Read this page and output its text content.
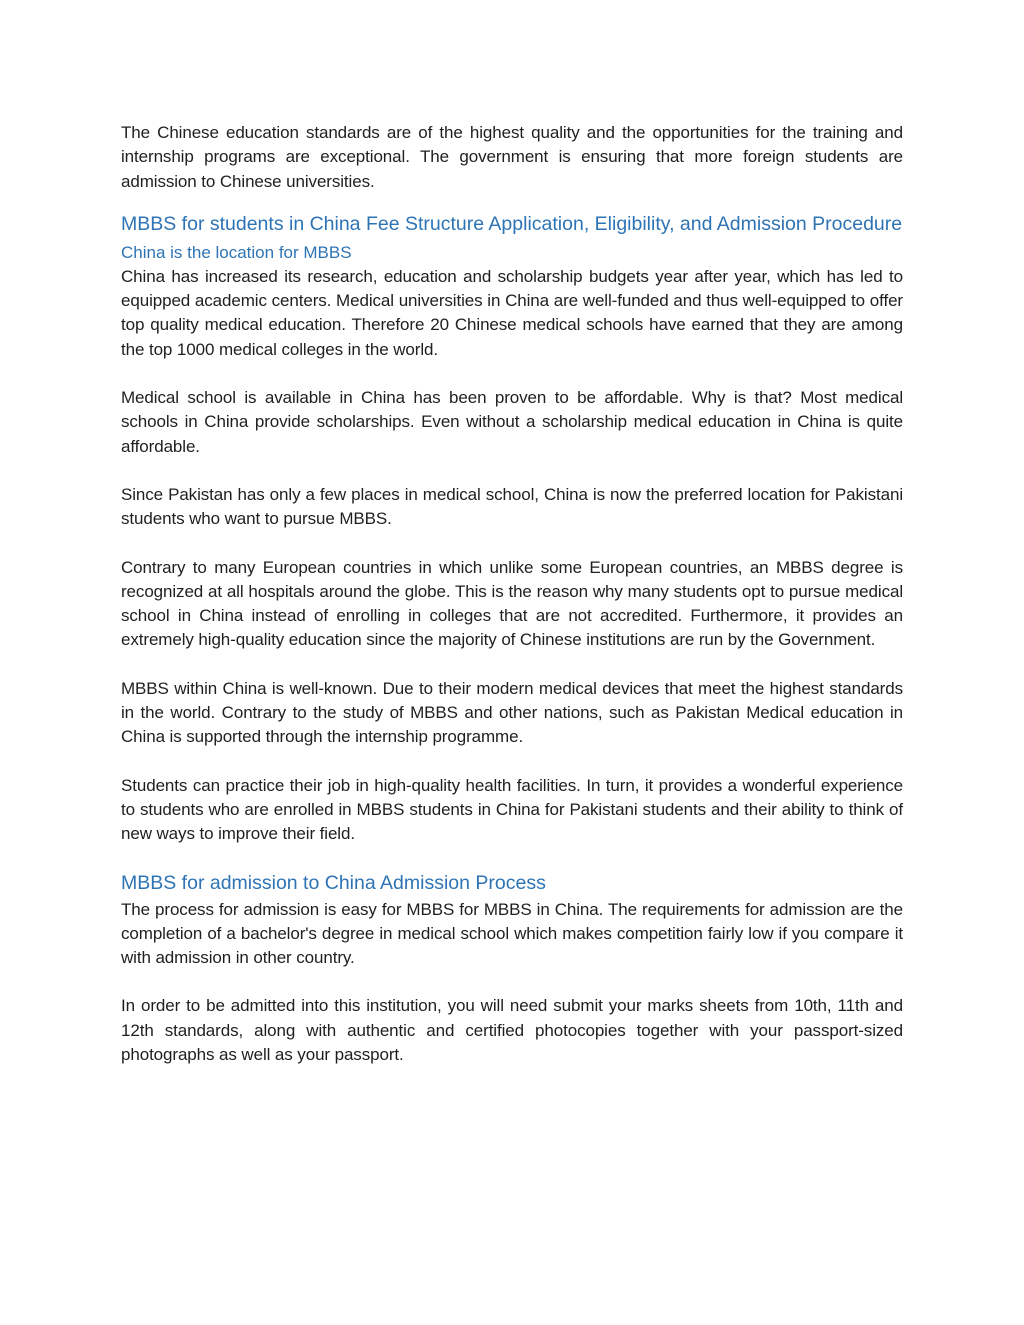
The Chinese education standards are of the highest quality and the opportunities for the training and internship programs are exceptional. The government is ensuring that more foreign students are admission to Chinese universities.

MBBS for students in China Fee Structure Application, Eligibility, and Admission Procedure
China is the location for MBBS

China has increased its research, education and scholarship budgets year after year, which has led to equipped academic centers. Medical universities in China are well-funded and thus well-equipped to offer top quality medical education. Therefore 20 Chinese medical schools have earned that they are among the top 1000 medical colleges in the world.

Medical school is available in China has been proven to be affordable. Why is that? Most medical schools in China provide scholarships. Even without a scholarship medical education in China is quite affordable.

Since Pakistan has only a few places in medical school, China is now the preferred location for Pakistani students who want to pursue MBBS.

Contrary to many European countries in which unlike some European countries, an MBBS degree is recognized at all hospitals around the globe. This is the reason why many students opt to pursue medical school in China instead of enrolling in colleges that are not accredited. Furthermore, it provides an extremely high-quality education since the majority of Chinese institutions are run by the Government.

MBBS within China is well-known. Due to their modern medical devices that meet the highest standards in the world. Contrary to the study of MBBS and other nations, such as Pakistan Medical education in China is supported through the internship programme.

Students can practice their job in high-quality health facilities. In turn, it provides a wonderful experience to students who are enrolled in MBBS students in China for Pakistani students and their ability to think of new ways to improve their field.

MBBS for admission to China Admission Process

The process for admission is easy for MBBS for MBBS in China. The requirements for admission are the completion of a bachelor's degree in medical school which makes competition fairly low if you compare it with admission in other country.

In order to be admitted into this institution, you will need submit your marks sheets from 10th, 11th and 12th standards, along with authentic and certified photocopies together with your passport-sized photographs as well as your passport.
